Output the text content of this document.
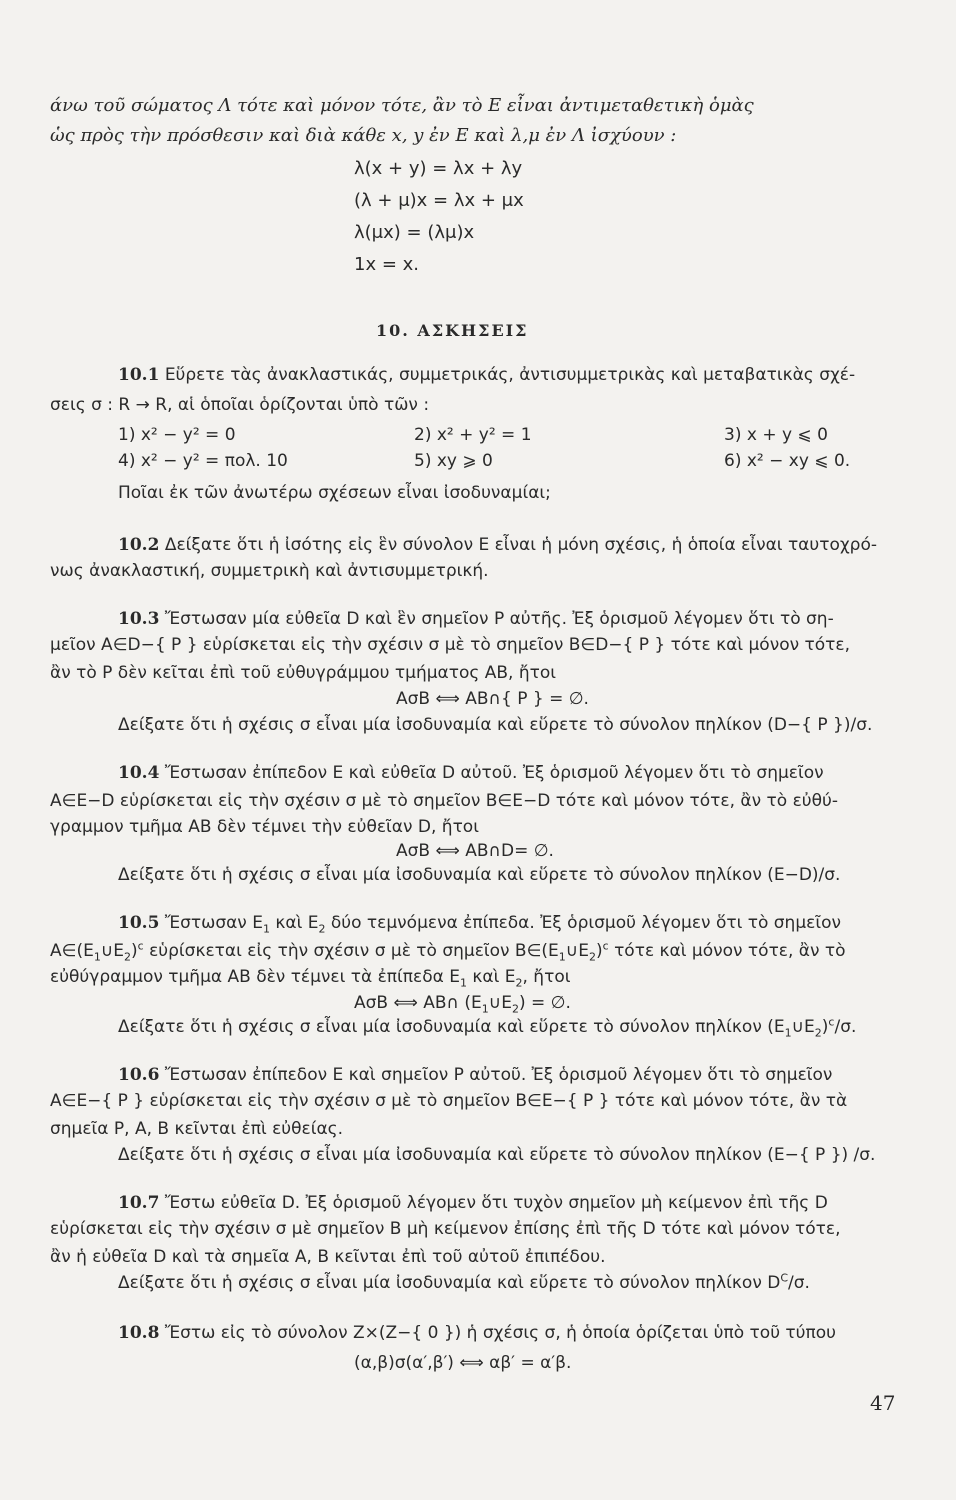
άνω τοῦ σώματος Λ τότε καὶ μόνον τότε, ἂν τὸ Ε εἶναι ἀντιμεταθετικὴ ὁμὰς
ὡς πρὸς τὴν πρόσθεσιν καὶ διὰ κάθε x, y ἐν Ε καὶ λ,μ ἐν Λ ἰσχύουν :
λ(x + y) = λx + λy
(λ + μ)x = λx + μx
λ(μx) = (λμ)x
1x = x.
10. ΑΣΚΗΣΕΙΣ
10.1 Εὕρετε τὰς ἀνακλαστικάς, συμμετρικάς, ἀντισυμμετρικὰς καὶ μεταβατικὰς σχέ-
σεις σ : R → R, αἱ ὁποῖαι ὁρίζονται ὑπὸ τῶν :
1) x² − y² = 0	2) x² + y² = 1	3) x + y ⩽ 0
4) x² − y² = πολ. 10	5) xy ⩾ 0	6) x² − xy ⩽ 0.
Ποῖαι ἐκ τῶν ἀνωτέρω σχέσεων εἶναι ἰσοδυναμίαι;
10.2 Δείξατε ὅτι ἡ ἰσότης εἰς ἓν σύνολον Ε εἶναι ἡ μόνη σχέσις, ἡ ὁποία εἶναι ταυτοχρό-
νως ἀνακλαστική, συμμετρικὴ καὶ ἀντισυμμετρική.
10.3 Ἔστωσαν μία εὐθεῖα D καὶ ἓν σημεῖον P αὐτῆς. Ἐξ ὁρισμοῦ λέγομεν ὅτι τὸ ση-
μεῖον A∈D−{ P } εὑρίσκεται εἰς τὴν σχέσιν σ μὲ τὸ σημεῖον B∈D−{ P } τότε καὶ μόνον τότε,
ἂν τὸ P δὲν κεῖται ἐπὶ τοῦ εὐθυγράμμου τμήματος AB, ἤτοι
AσB ⟺ AB∩{ P } = ∅.
Δείξατε ὅτι ἡ σχέσις σ εἶναι μία ἰσοδυναμία καὶ εὕρετε τὸ σύνολον πηλίκον (D−{ P })/σ.
10.4 Ἔστωσαν ἐπίπεδον Ε καὶ εὐθεῖα D αὐτοῦ. Ἐξ ὁρισμοῦ λέγομεν ὅτι τὸ σημεῖον
A∈E−D εὑρίσκεται εἰς τὴν σχέσιν σ μὲ τὸ σημεῖον B∈E−D τότε καὶ μόνον τότε, ἂν τὸ εὐθύ-
γραμμον τμῆμα AB δὲν τέμνει τὴν εὐθεῖαν D, ἤτοι
AσB ⟺ AB∩D= ∅.
Δείξατε ὅτι ἡ σχέσις σ εἶναι μία ἰσοδυναμία καὶ εὕρετε τὸ σύνολον πηλίκον (E−D)/σ.
10.5 Ἔστωσαν $E_1$ καὶ $E_2$ δύο τεμνόμενα ἐπίπεδα. Ἐξ ὁρισμοῦ λέγομεν ὅτι τὸ σημεῖον
$A\in(E_1\cup E_2)^c$ εὑρίσκεται εἰς τὴν σχέσιν σ μὲ τὸ σημεῖον $B\in(E_1\cup E_2)^c$ τότε καὶ μόνον τότε, ἂν τὸ
εὐθύγραμμον τμῆμα AB δὲν τέμνει τὰ ἐπίπεδα $E_1$ καὶ $E_2$, ἤτοι
AσB ⟺ AB∩ $(E_1\cup E_2)$ = ∅.
Δείξατε ὅτι ἡ σχέσις σ εἶναι μία ἰσοδυναμία καὶ εὕρετε τὸ σύνολον πηλίκον $(E_1\cup E_2)^c/\sigma$.
10.6 Ἔστωσαν ἐπίπεδον Ε καὶ σημεῖον P αὐτοῦ. Ἐξ ὁρισμοῦ λέγομεν ὅτι τὸ σημεῖον
A∈E−{ P } εὑρίσκεται εἰς τὴν σχέσιν σ μὲ τὸ σημεῖον B∈E−{ P } τότε καὶ μόνον τότε, ἂν τὰ
σημεῖα P, A, B κεῖνται ἐπὶ εὐθείας.
Δείξατε ὅτι ἡ σχέσις σ εἶναι μία ἰσοδυναμία καὶ εὕρετε τὸ σύνολον πηλίκον (E−{ P }) /σ.
10.7 Ἔστω εὐθεῖα D. Ἐξ ὁρισμοῦ λέγομεν ὅτι τυχὸν σημεῖον μὴ κείμενον ἐπὶ τῆς D
εὑρίσκεται εἰς τὴν σχέσιν σ μὲ σημεῖον B μὴ κείμενον ἐπίσης ἐπὶ τῆς D τότε καὶ μόνον τότε,
ἂν ἡ εὐθεῖα D καὶ τὰ σημεῖα A, B κεῖνται ἐπὶ τοῦ αὐτοῦ ἐπιπέδου.
Δείξατε ὅτι ἡ σχέσις σ εἶναι μία ἰσοδυναμία καὶ εὕρετε τὸ σύνολον πηλίκον $D^C/\sigma$.
10.8 Ἔστω εἰς τὸ σύνολον Z×(Z−{ 0 }) ἡ σχέσις σ, ἡ ὁποία ὁρίζεται ὑπὸ τοῦ τύπου
(α,β)σ(α′,β′) ⟺ αβ′ = α′β.
47
